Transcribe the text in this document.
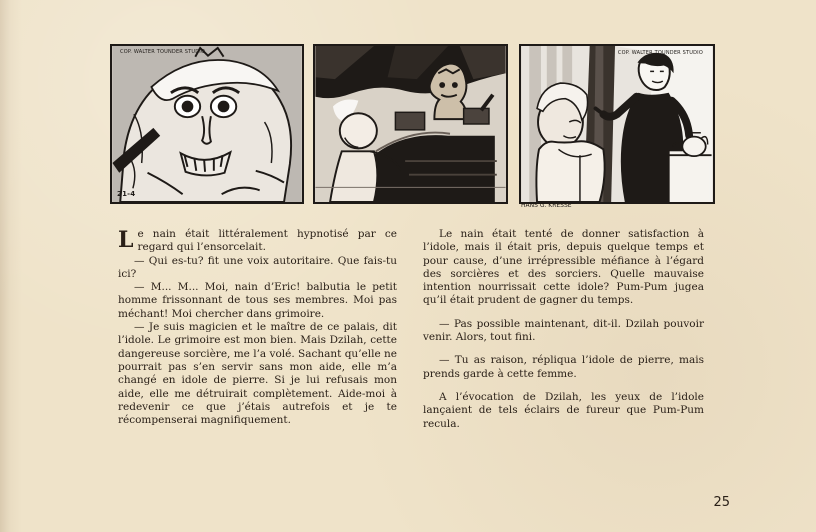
COP. WALTER TOUNDER STUDIO
21-4
COP. WALTER TOUNDER STUDIO
HANS G. KRESSE

L e nain était littéralement hypnotisé par ce regard qui l’ensorcelait.

— Qui es-tu? fit une voix autoritaire. Que fais-tu ici?

— M... M... Moi, nain d’Eric! balbutia le petit homme frissonnant de tous ses membres. Moi pas méchant! Moi chercher dans grimoire.

— Je suis magicien et le maître de ce palais, dit l’idole. Le grimoire est mon bien. Mais Dzilah, cette dangereuse sorcière, me l’a volé. Sachant qu’elle ne pourrait pas s’en servir sans mon aide, elle m’a changé en idole de pierre. Si je lui refusais mon aide, elle me détruirait complètement. Aide-moi à redevenir ce que j’étais autrefois et je te récompenserai magnifiquement.

Le nain était tenté de donner satisfaction à l’idole, mais il était pris, depuis quelque temps et pour cause, d’une irrépressible méfiance à l’égard des sorcières et des sorciers. Quelle mauvaise intention nourrissait cette idole? Pum-Pum jugea qu’il était prudent de gagner du temps.

— Pas possible maintenant, dit-il. Dzilah pouvoir venir. Alors, tout fini.

— Tu as raison, répliqua l’idole de pierre, mais prends garde à cette femme.

A l’évocation de Dzilah, les yeux de l’idole lançaient de tels éclairs de fureur que Pum-Pum recula.

25
